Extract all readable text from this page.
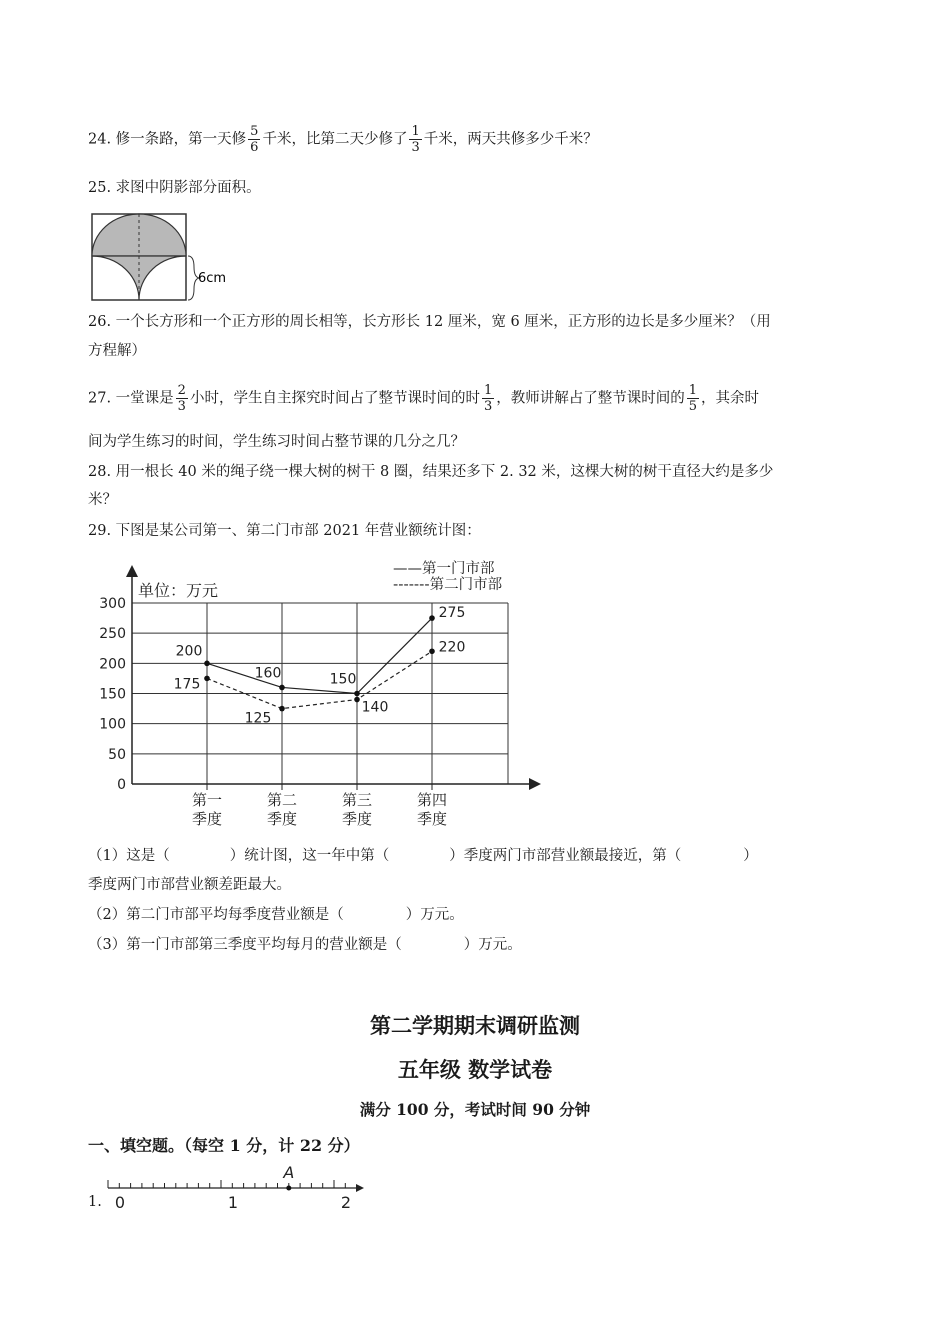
24. 修一条路，第一天修 $\frac{5}{6}$ 千米，比第二天少修了 $\frac{1}{3}$ 千米，两天共修多少千米？
25. 求图中阴影部分面积。
6cm
26. 一个长方形和一个正方形的周长相等，长方形长 12 厘米，宽 6 厘米，正方形的边长是多少厘米？（用
方程解）
27. 一堂课是 $\frac{2}{3}$ 小时，学生自主探究时间占了整节课时间的时 $\frac{1}{3}$ ，教师讲解占了整节课时间的 $\frac{1}{5}$ ，其余时
间为学生练习的时间，学生练习时间占整节课的几分之几？
28. 用一根长 40 米的绳子绕一棵大树的树干 8 圈，结果还多下 2. 32 米，这棵大树的树干直径大约是多少
米？
29. 下图是某公司第一、第二门市部 2021 年营业额统计图：
单位：万元
——第一门市部
-------第二门市部
300
250
200
150
100
50
0
第一
季度
第二
季度
第三
季度
第四
季度
200
160	150
275
175
125
140
220
（1）这是（	）统计图，这一年中第（	）季度两门市部营业额最接近，第（	）
季度两门市部营业额差距最大。
（2）第二门市部平均每季度营业额是（	）万元。
（3）第一门市部第三季度平均每月的营业额是（	）万元。
第二学期期末调研监测
五年级 数学试卷
满分 100 分，考试时间 90 分钟
一、填空题。（每空 1 分，计 22 分）
1. 0	1	2
A
